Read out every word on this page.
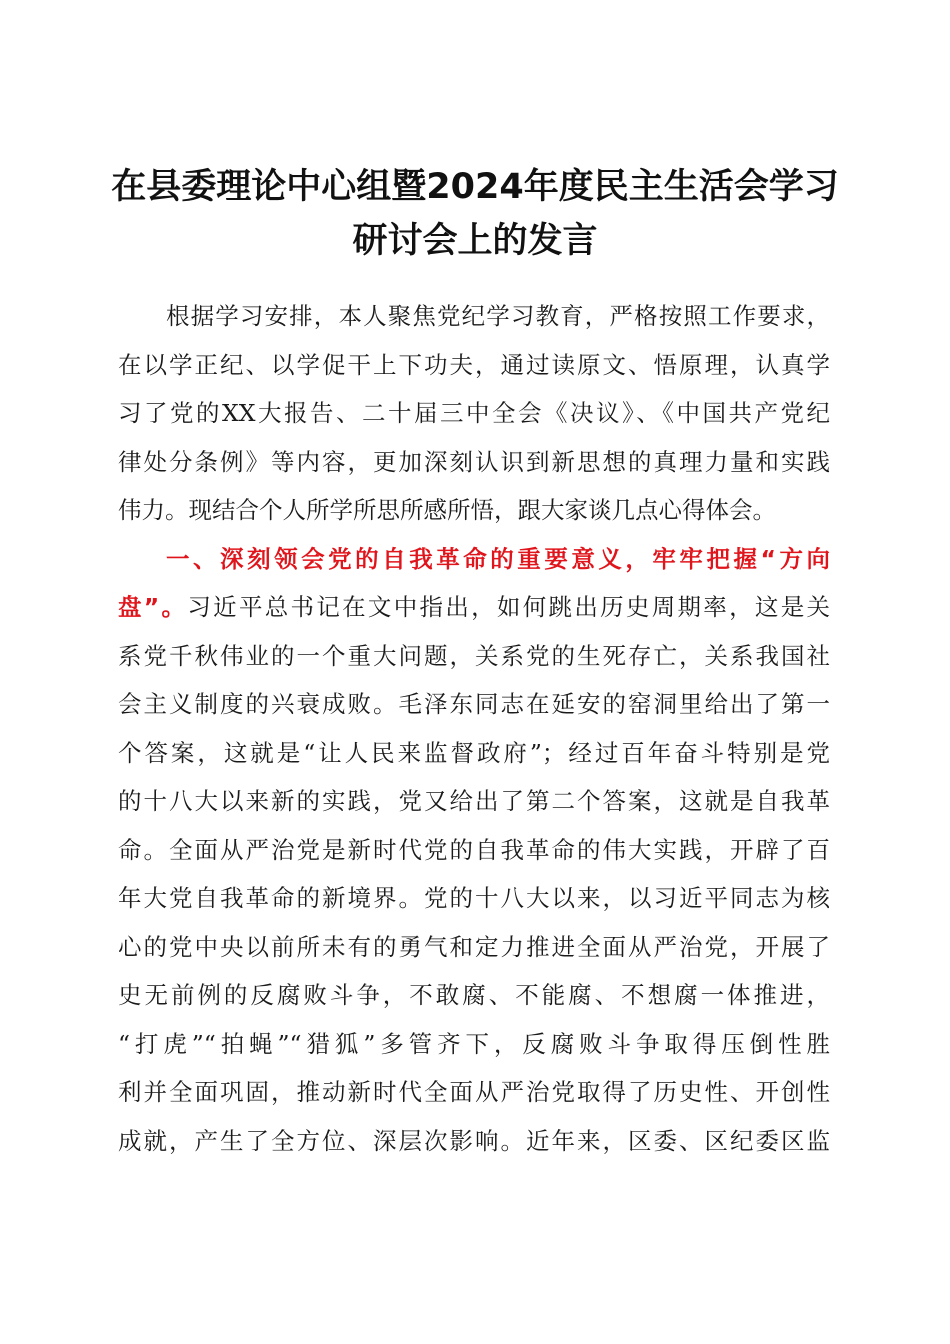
在县委理论中心组暨2024年度民主生活会学习
研讨会上的发言
根据学习安排，本人聚焦党纪学习教育，严格按照工作要求，
在以学正纪、以学促干上下功夫，通过读原文、悟原理，认真学
习了党的XX大报告、二十届三中全会《决议》、《中国共产党纪
律处分条例》等内容，更加深刻认识到新思想的真理力量和实践
伟力。现结合个人所学所思所感所悟，跟大家谈几点心得体会。
一、深刻领会党的自我革命的重要意义，牢牢把握“方向
盘”。习近平总书记在文中指出，如何跳出历史周期率，这是关
系党千秋伟业的一个重大问题，关系党的生死存亡，关系我国社
会主义制度的兴衰成败。毛泽东同志在延安的窑洞里给出了第一
个答案，这就是“让人民来监督政府”；经过百年奋斗特别是党
的十八大以来新的实践，党又给出了第二个答案，这就是自我革
命。全面从严治党是新时代党的自我革命的伟大实践，开辟了百
年大党自我革命的新境界。党的十八大以来，以习近平同志为核
心的党中央以前所未有的勇气和定力推进全面从严治党，开展了
史无前例的反腐败斗争，不敢腐、不能腐、不想腐一体推进，
“打虎”“拍蝇”“猎狐”多管齐下，反腐败斗争取得压倒性胜
利并全面巩固，推动新时代全面从严治党取得了历史性、开创性
成就，产生了全方位、深层次影响。近年来，区委、区纪委区监
